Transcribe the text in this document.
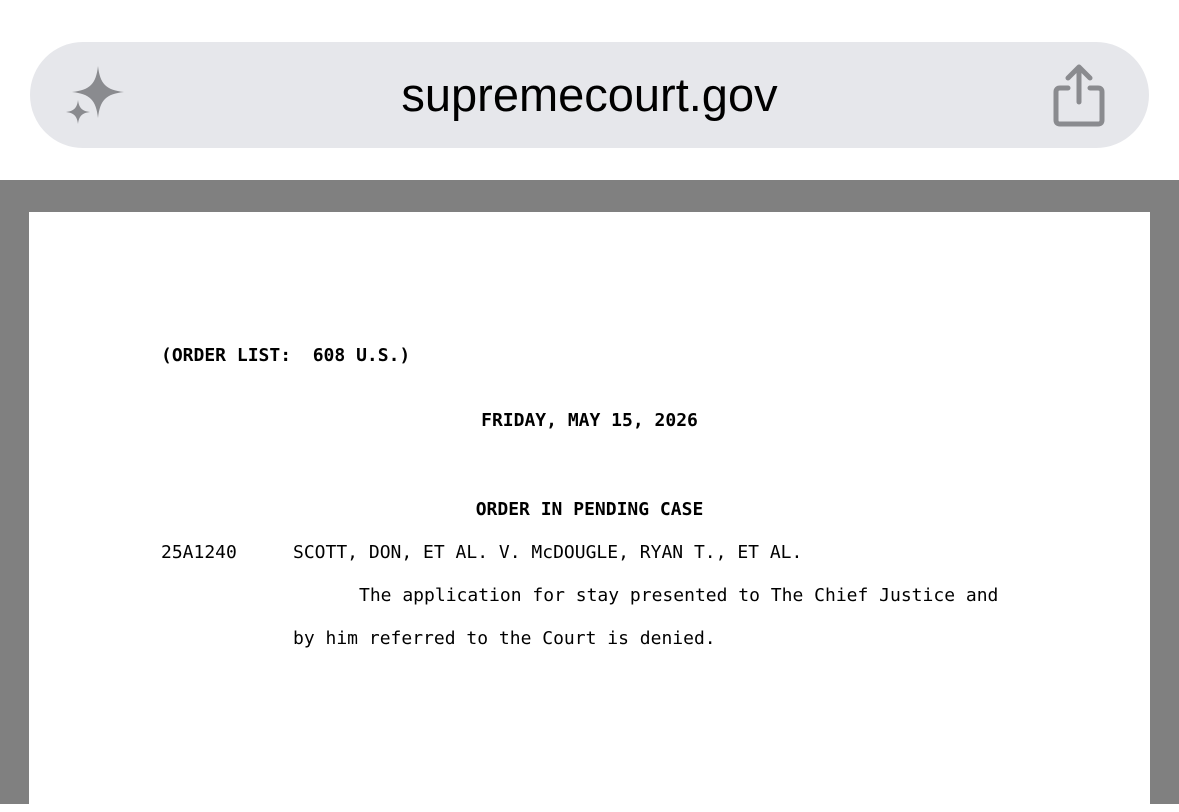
supremecourt.gov
(ORDER LIST:  608 U.S.)
FRIDAY, MAY 15, 2026
ORDER IN PENDING CASE
25A1240	SCOTT, DON, ET AL. V. McDOUGLE, RYAN T., ET AL.
The application for stay presented to The Chief Justice and
by him referred to the Court is denied.
